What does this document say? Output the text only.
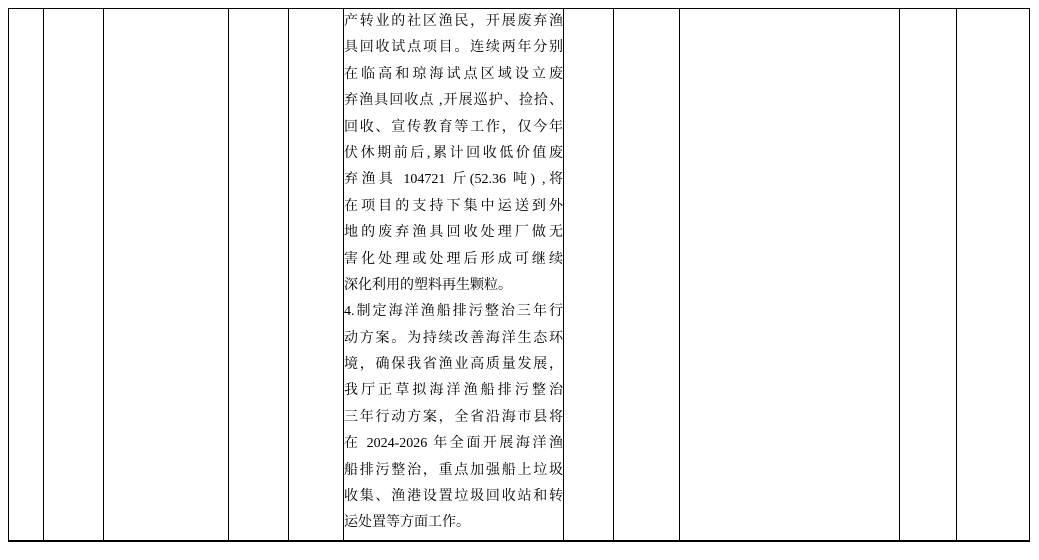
产转业的社区渔民，开展废弃渔
具回收试点项目。连续两年分别
在临高和琼海试点区域设立废
弃渔具回收点 ,开展巡护、捡拾、
回收、宣传教育等工作，仅今年
伏休期前后,累计回收低价值废
弃渔具 104721 斤(52.36 吨) ,将
在项目的支持下集中运送到外
地的废弃渔具回收处理厂做无
害化处理或处理后形成可继续
深化利用的塑料再生颗粒。
4.制定海洋渔船排污整治三年行
动方案。为持续改善海洋生态环
境，确保我省渔业高质量发展，
我厅正草拟海洋渔船排污整治
三年行动方案，全省沿海市县将
在 2024-2026 年全面开展海洋渔
船排污整治，重点加强船上垃圾
收集、渔港设置垃圾回收站和转
运处置等方面工作。
